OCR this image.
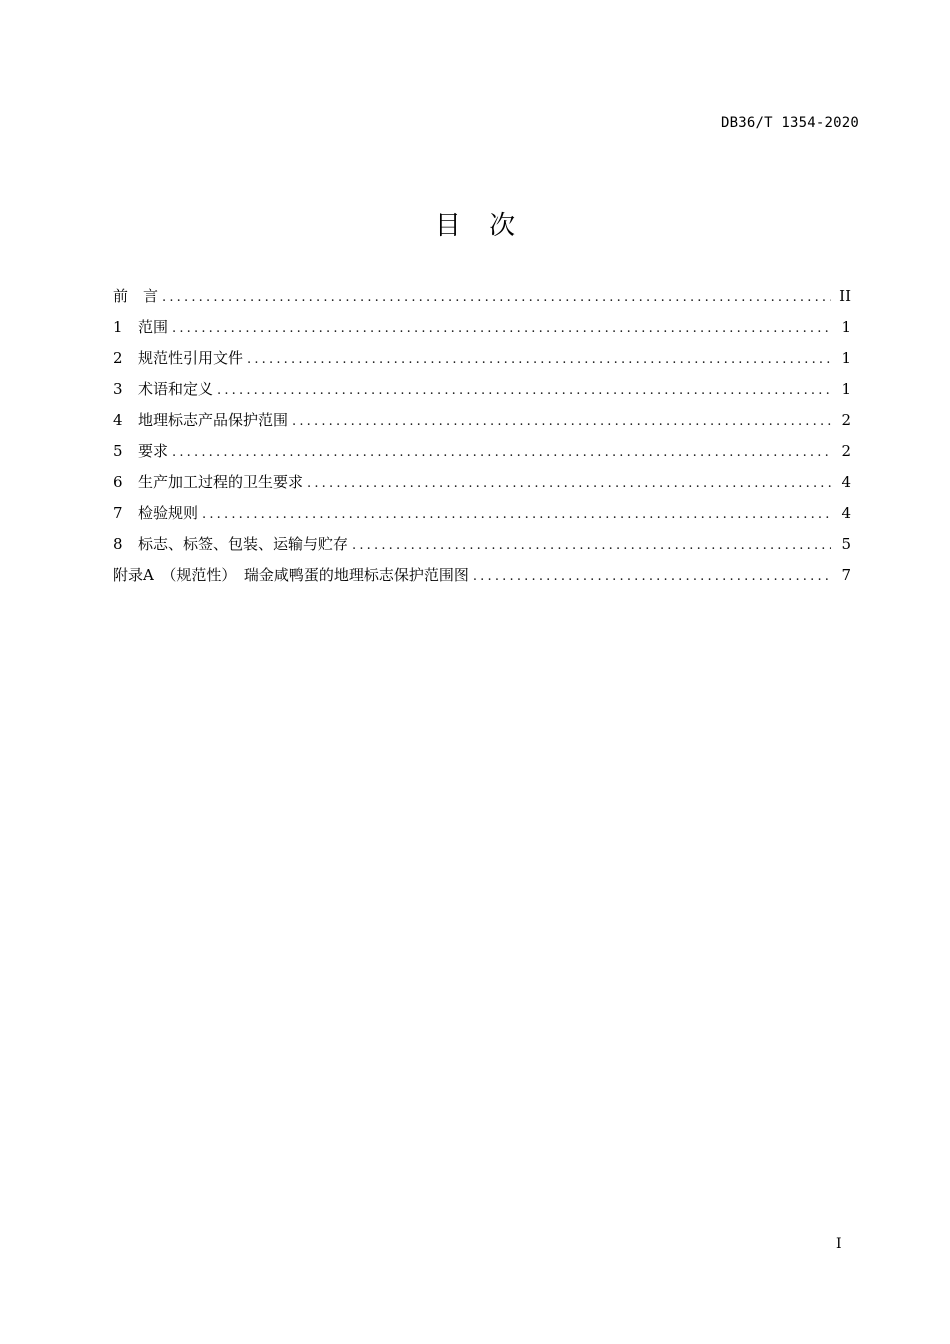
DB36/T 1354-2020
目 次
前　言 .....	II
1	范围 .....	1
2	规范性引用文件 .....	1
3	术语和定义 .....	1
4	地理标志产品保护范围 .....	2
5	要求 .....	2
6	生产加工过程的卫生要求 .....	4
7	检验规则 .....	4
8	标志、标签、包装、运输与贮存 .....	5
附录A　（规范性）　瑞金咸鸭蛋的地理标志保护范围图 .....	7
I
